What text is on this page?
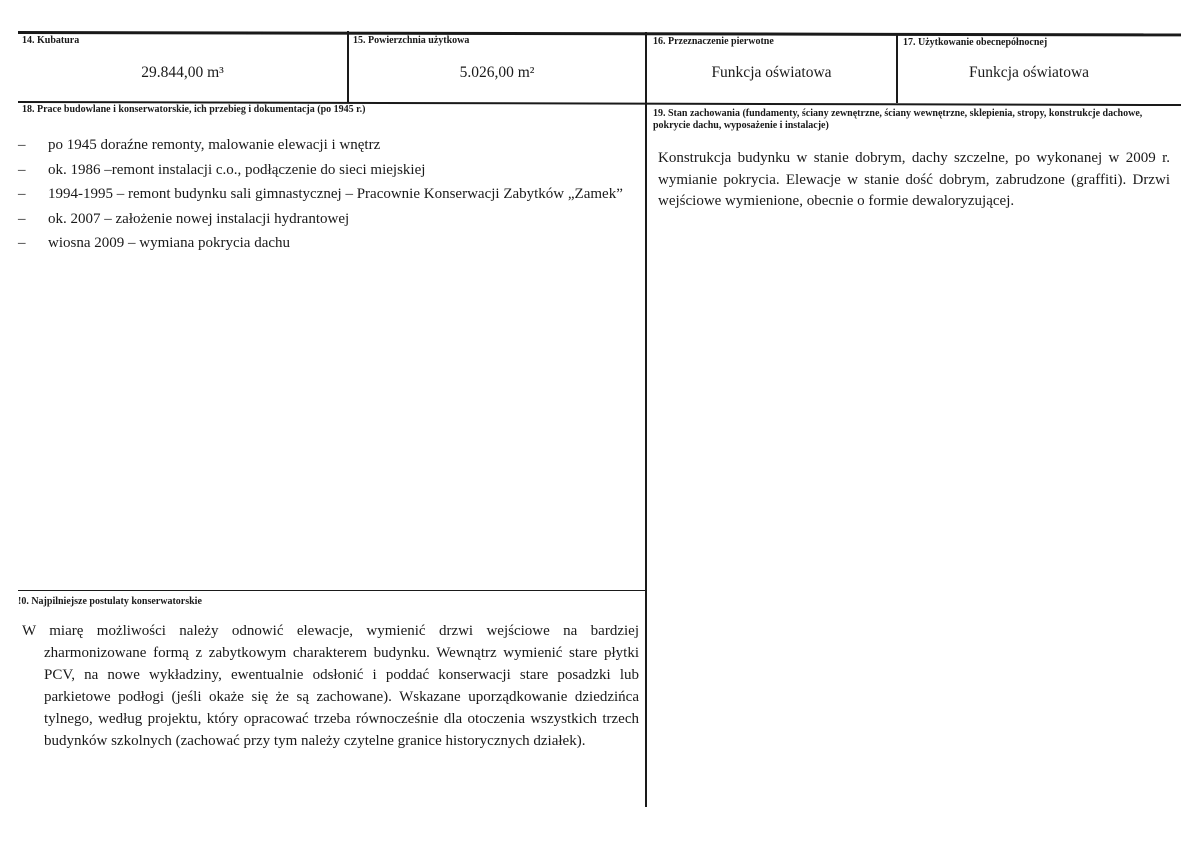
14. Kubatura
29.844,00 m³
15. Powierzchnia użytkowa
5.026,00 m²
16. Przeznaczenie pierwotne
Funkcja oświatowa
17. Użytkowanie obecnepółnocnej
Funkcja oświatowa
18. Prace budowlane i konserwatorskie, ich przebieg i dokumentacja (po 1945 r.)
– po 1945 doraźne remonty, malowanie elewacji i wnętrz
– ok. 1986 –remont instalacji c.o., podłączenie do sieci miejskiej
– 1994-1995 – remont budynku sali gimnastycznej – Pracownie Konserwacji Zabytków „Zamek”
– ok. 2007 – założenie nowej instalacji hydrantowej
– wiosna 2009 – wymiana pokrycia dachu
19. Stan zachowania (fundamenty, ściany zewnętrzne, ściany wewnętrzne, sklepienia, stropy, konstrukcje dachowe, pokrycie dachu, wyposażenie i instalacje)
Konstrukcja budynku w stanie dobrym, dachy szczelne, po wykonanej w 2009 r. wymianie pokrycia. Elewacje w stanie dość dobrym, zabrudzone (graffiti). Drzwi wejściowe wymienione, obecnie o formie dewaloryzującej.
!0. Najpilniejsze postulaty konserwatorskie
W miarę możliwości należy odnowić elewacje, wymienić drzwi wejściowe na bardziej zharmonizowane formą z zabytkowym charakterem budynku. Wewnątrz wymienić stare płytki PCV, na nowe wykładziny, ewentualnie odsłonić i poddać konserwacji stare posadzki lub parkietowe podłogi (jeśli okaże się że są zachowane). Wskazane uporządkowanie dziedzińca tylnego, według projektu, który opracować trzeba równocześnie dla otoczenia wszystkich trzech budynków szkolnych (zachować przy tym należy czytelne granice historycznych działek).
